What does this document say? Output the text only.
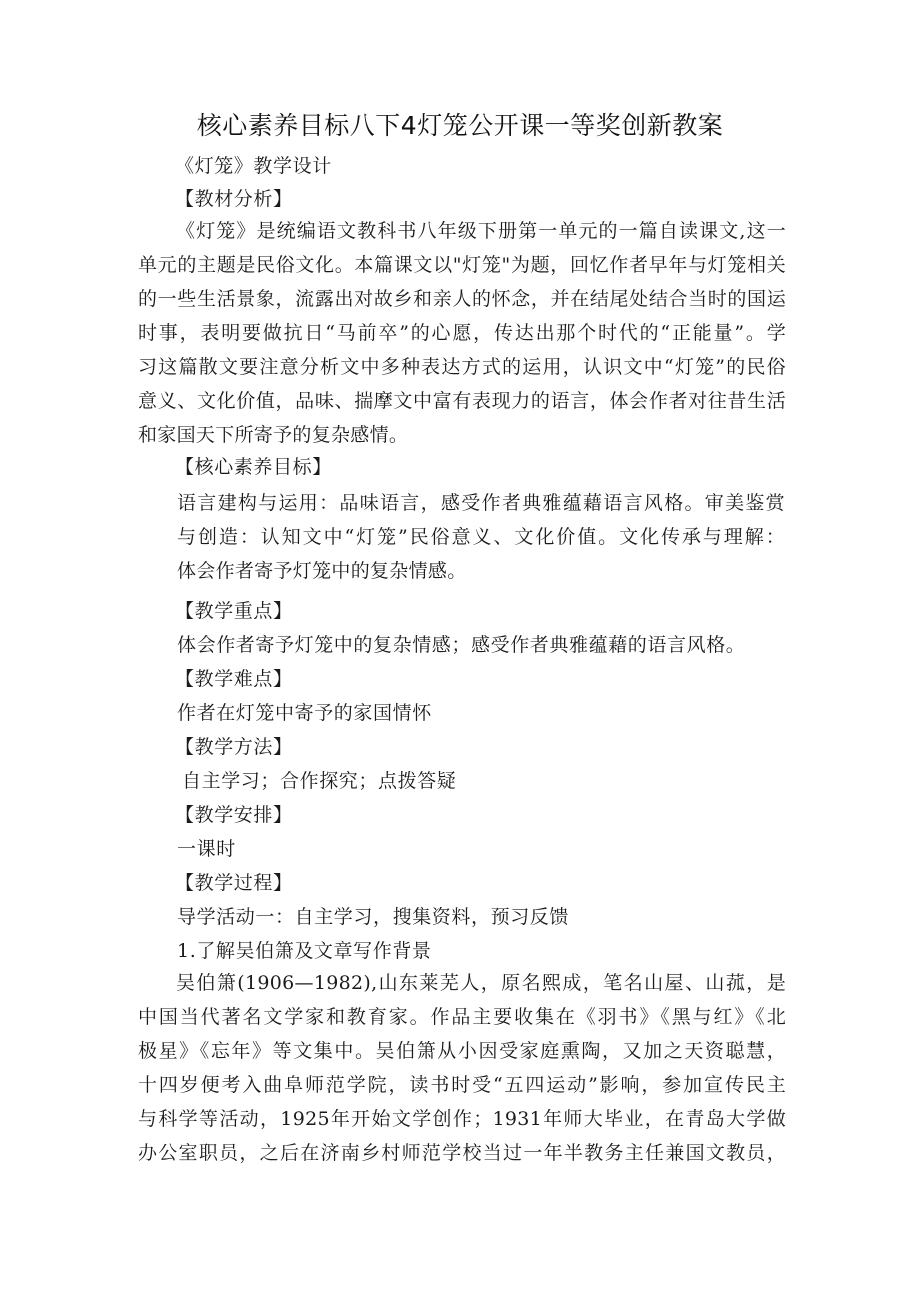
核心素养目标八下4灯笼公开课一等奖创新教案
《灯笼》教学设计
【教材分析】
《灯笼》是统编语文教科书八年级下册第一单元的一篇自读课文,这一
单元的主题是民俗文化。本篇课文以"灯笼"为题，回忆作者早年与灯笼相关
的一些生活景象，流露出对故乡和亲人的怀念，并在结尾处结合当时的国运
时事，表明要做抗日“马前卒”的心愿，传达出那个时代的“正能量”。学
习这篇散文要注意分析文中多种表达方式的运用，认识文中“灯笼”的民俗
意义、文化价值，品味、揣摩文中富有表现力的语言，体会作者对往昔生活
和家国天下所寄予的复杂感情。
【核心素养目标】
语言建构与运用：品味语言，感受作者典雅蕴藉语言风格。审美鉴赏
与创造：认知文中“灯笼”民俗意义、文化价值。文化传承与理解：
体会作者寄予灯笼中的复杂情感。
【教学重点】
体会作者寄予灯笼中的复杂情感；感受作者典雅蕴藉的语言风格。
【教学难点】
作者在灯笼中寄予的家国情怀
【教学方法】
自主学习；合作探究；点拨答疑
【教学安排】
一课时
【教学过程】
导学活动一：自主学习，搜集资料，预习反馈
1.了解吴伯箫及文章写作背景
吴伯箫(1906—1982),山东莱芜人，原名熙成，笔名山屋、山菰，是
中国当代著名文学家和教育家。作品主要收集在《羽书》《黑与红》《北
极星》《忘年》等文集中。吴伯箫从小因受家庭熏陶，又加之天资聪慧，
十四岁便考入曲阜师范学院，读书时受“五四运动”影响，参加宣传民主
与科学等活动，1925年开始文学创作；1931年师大毕业，在青岛大学做
办公室职员，之后在济南乡村师范学校当过一年半教务主任兼国文教员，
